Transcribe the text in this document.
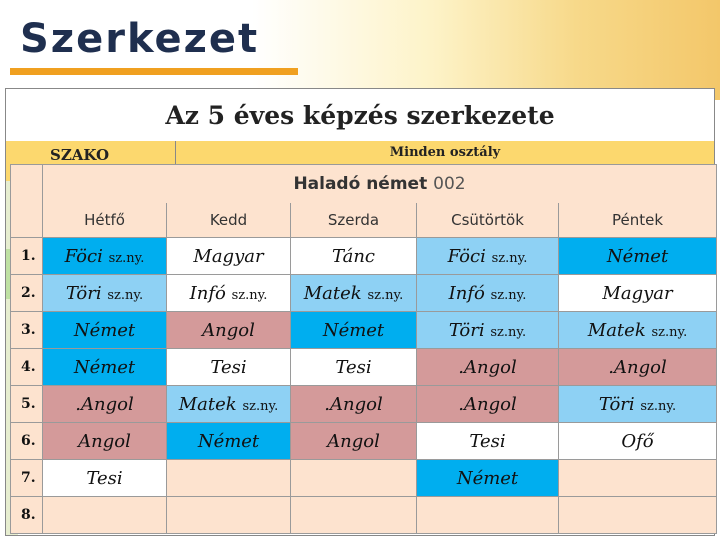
Szerkezet
Az 5 éves képzés szerkezete
SZAKO	Minden osztály
	Haladó német 002				
	Hétfő	Kedd	Szerda	Csütörtök	Péntek
1.	Föci sz.ny.	Magyar	Tánc	Föci sz.ny.	Német
2.	Töri sz.ny.	Infó sz.ny.	Matek sz.ny.	Infó sz.ny.	Magyar
3.	Német	Angol	Német	Töri sz.ny.	Matek sz.ny.
4.	Német	Tesi	Tesi	.Angol	.Angol
5.	.Angol	Matek sz.ny.	.Angol	.Angol	Töri sz.ny.
6.	Angol	Német	Angol	Tesi	Ofő
7.	Tesi			Német	
8.					
